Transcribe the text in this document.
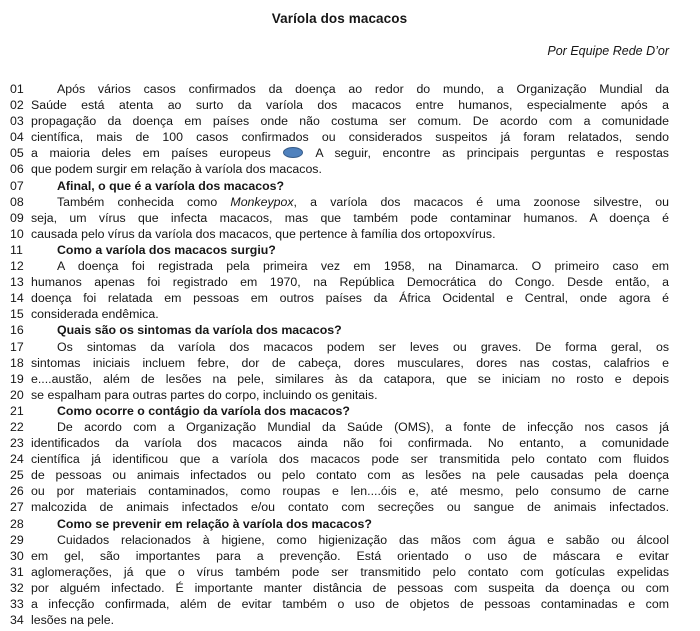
Varíola dos macacos
Por Equipe Rede D’or
01	Após vários casos confirmados da doença ao redor do mundo, a Organização Mundial da
02 Saúde está atenta ao surto da varíola dos macacos entre humanos, especialmente após a
03 propagação da doença em países onde não costuma ser comum. De acordo com a comunidade
04 científica, mais de 100 casos confirmados ou considerados suspeitos já foram relatados, sendo
05 a maioria deles em países europeus  A seguir, encontre as principais perguntas e respostas
06 que podem surgir em relação à varíola dos macacos.
07	Afinal, o que é a varíola dos macacos?
08	Também conhecida como Monkeypox, a varíola dos macacos é uma zoonose silvestre, ou
09 seja, um vírus que infecta macacos, mas que também pode contaminar humanos. A doença é
10 causada pelo vírus da varíola dos macacos, que pertence à família dos ortopoxvírus.
11	Como a varíola dos macacos surgiu?
12	A doença foi registrada pela primeira vez em 1958, na Dinamarca. O primeiro caso em
13 humanos apenas foi registrado em 1970, na República Democrática do Congo. Desde então, a
14 doença foi relatada em pessoas em outros países da África Ocidental e Central, onde agora é
15 considerada endêmica.
16	Quais são os sintomas da varíola dos macacos?
17	Os sintomas da varíola dos macacos podem ser leves ou graves. De forma geral, os
18 sintomas iniciais incluem febre, dor de cabeça, dores musculares, dores nas costas, calafrios e
19 e....austão, além de lesões na pele, similares às da catapora, que se iniciam no rosto e depois
20 se espalham para outras partes do corpo, incluindo os genitais.
21	Como ocorre o contágio da varíola dos macacos?
22	De acordo com a Organização Mundial da Saúde (OMS), a fonte de infecção nos casos já
23 identificados da varíola dos macacos ainda não foi confirmada. No entanto, a comunidade
24 científica já identificou que a varíola dos macacos pode ser transmitida pelo contato com fluidos
25 de pessoas ou animais infectados ou pelo contato com as lesões na pele causadas pela doença
26 ou por materiais contaminados, como roupas e len....óis e, até mesmo, pelo consumo de carne
27 malcozida de animais infectados e/ou contato com secreções ou sangue de animais infectados.
28	Como se prevenir em relação à varíola dos macacos?
29	Cuidados relacionados à higiene, como higienização das mãos com água e sabão ou álcool
30 em gel, são importantes para a prevenção. Está orientado o uso de máscara e evitar
31 aglomerações, já que o vírus também pode ser transmitido pelo contato com gotículas expelidas
32 por alguém infectado. É importante manter distância de pessoas com suspeita da doença ou com
33 a infecção confirmada, além de evitar também o uso de objetos de pessoas contaminadas e com
34 lesões na pele.
